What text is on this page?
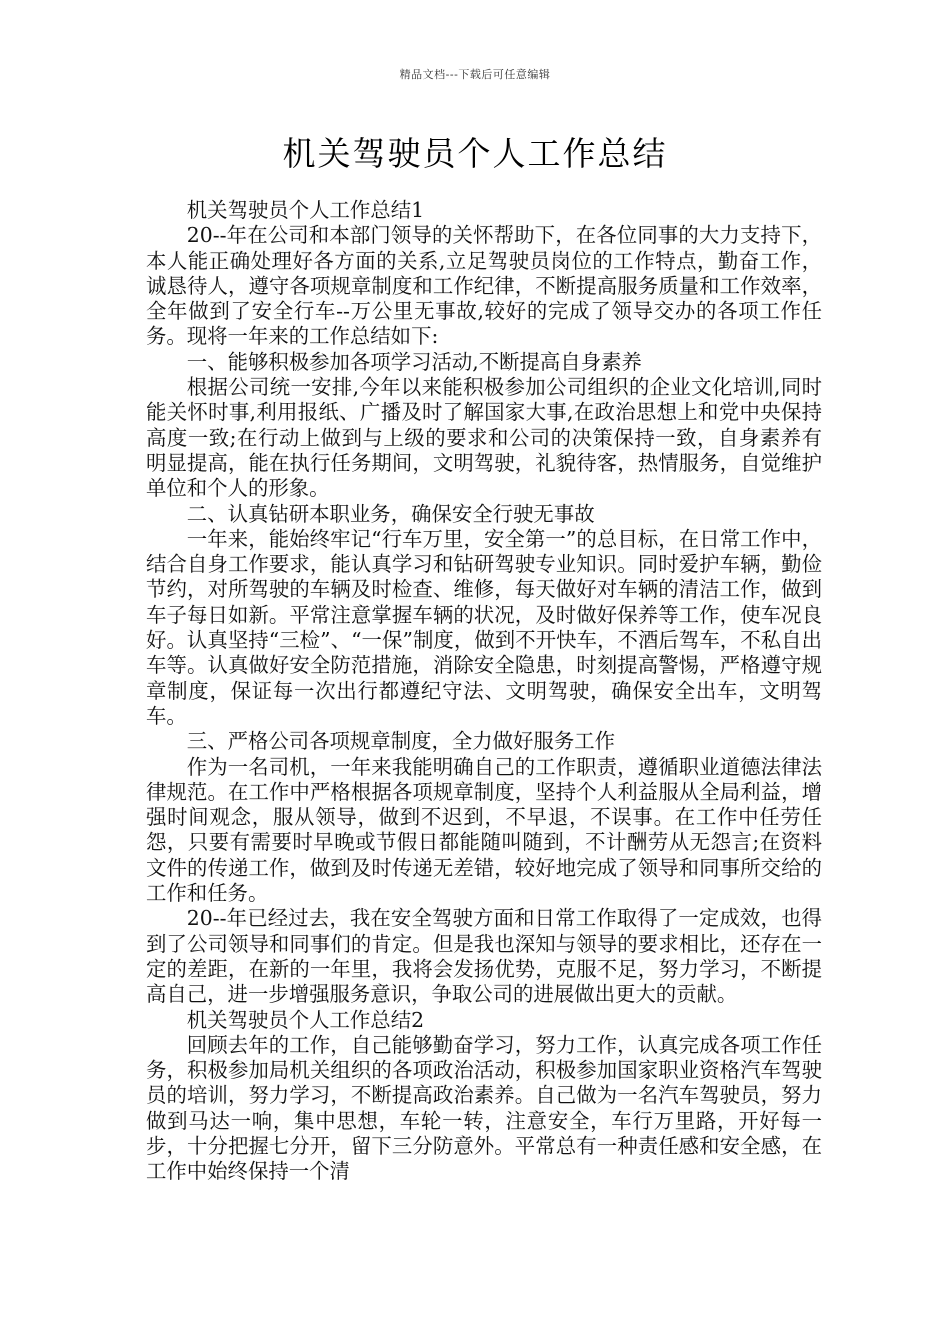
精品文档---下载后可任意编辑
机关驾驶员个人工作总结

机关驾驶员个人工作总结1

20--年在公司和本部门领导的关怀帮助下，在各位同事的大力支持下，本人能正确处理好各方面的关系,立足驾驶员岗位的工作特点，勤奋工作，诚恳待人，遵守各项规章制度和工作纪律，不断提高服务质量和工作效率，全年做到了安全行车--万公里无事故,较好的完成了领导交办的各项工作任务。现将一年来的工作总结如下:

一、能够积极参加各项学习活动,不断提高自身素养

根据公司统一安排,今年以来能积极参加公司组织的企业文化培训,同时能关怀时事,利用报纸、广播及时了解国家大事,在政治思想上和党中央保持高度一致;在行动上做到与上级的要求和公司的决策保持一致，自身素养有明显提高，能在执行任务期间，文明驾驶，礼貌待客，热情服务，自觉维护单位和个人的形象。

二、认真钻研本职业务，确保安全行驶无事故

一年来，能始终牢记“行车万里，安全第一”的总目标，在日常工作中，结合自身工作要求，能认真学习和钻研驾驶专业知识。同时爱护车辆，勤俭节约，对所驾驶的车辆及时检查、维修，每天做好对车辆的清洁工作，做到车子每日如新。平常注意掌握车辆的状况，及时做好保养等工作，使车况良好。认真坚持“三检”、“一保”制度，做到不开快车，不酒后驾车，不私自出车等。认真做好安全防范措施，消除安全隐患，时刻提高警惕，严格遵守规章制度，保证每一次出行都遵纪守法、文明驾驶，确保安全出车，文明驾车。

三、严格公司各项规章制度，全力做好服务工作

作为一名司机，一年来我能明确自己的工作职责，遵循职业道德法律法律规范。在工作中严格根据各项规章制度，坚持个人利益服从全局利益，增强时间观念，服从领导，做到不迟到，不早退，不误事。在工作中任劳任怨，只要有需要时早晚或节假日都能随叫随到，不计酬劳从无怨言;在资料文件的传递工作，做到及时传递无差错，较好地完成了领导和同事所交给的工作和任务。

20--年已经过去，我在安全驾驶方面和日常工作取得了一定成效，也得到了公司领导和同事们的肯定。但是我也深知与领导的要求相比，还存在一定的差距，在新的一年里，我将会发扬优势，克服不足，努力学习，不断提高自己，进一步增强服务意识，争取公司的进展做出更大的贡献。

机关驾驶员个人工作总结2

回顾去年的工作，自己能够勤奋学习，努力工作，认真完成各项工作任务，积极参加局机关组织的各项政治活动，积极参加国家职业资格汽车驾驶员的培训，努力学习，不断提高政治素养。自己做为一名汽车驾驶员，努力做到马达一响，集中思想，车轮一转，注意安全，车行万里路，开好每一步，十分把握七分开，留下三分防意外。平常总有一种责任感和安全感，在工作中始终保持一个清
